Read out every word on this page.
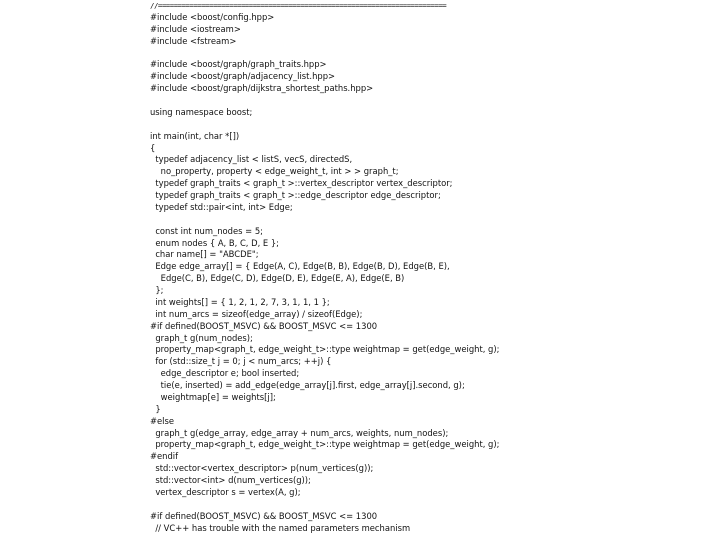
//=========================================================================
#include <boost/config.hpp>
#include <iostream>
#include <fstream>
#include <boost/graph/graph_traits.hpp>
#include <boost/graph/adjacency_list.hpp>
#include <boost/graph/dijkstra_shortest_paths.hpp>
using namespace boost;
int main(int, char *[])
{
typedef adjacency_list < listS, vecS, directedS,
no_property, property < edge_weight_t, int > > graph_t;
typedef graph_traits < graph_t >::vertex_descriptor vertex_descriptor;
typedef graph_traits < graph_t >::edge_descriptor edge_descriptor;
typedef std::pair<int, int> Edge;
const int num_nodes = 5;
enum nodes { A, B, C, D, E };
char name[] = "ABCDE";
Edge edge_array[] = { Edge(A, C), Edge(B, B), Edge(B, D), Edge(B, E),
Edge(C, B), Edge(C, D), Edge(D, E), Edge(E, A), Edge(E, B)
};
int weights[] = { 1, 2, 1, 2, 7, 3, 1, 1, 1 };
int num_arcs = sizeof(edge_array) / sizeof(Edge);
#if defined(BOOST_MSVC) && BOOST_MSVC <= 1300
graph_t g(num_nodes);
property_map<graph_t, edge_weight_t>::type weightmap = get(edge_weight, g);
for (std::size_t j = 0; j < num_arcs; ++j) {
edge_descriptor e; bool inserted;
tie(e, inserted) = add_edge(edge_array[j].first, edge_array[j].second, g);
weightmap[e] = weights[j];
}
#else
graph_t g(edge_array, edge_array + num_arcs, weights, num_nodes);
property_map<graph_t, edge_weight_t>::type weightmap = get(edge_weight, g);
#endif
std::vector<vertex_descriptor> p(num_vertices(g));
std::vector<int> d(num_vertices(g));
vertex_descriptor s = vertex(A, g);
#if defined(BOOST_MSVC) && BOOST_MSVC <= 1300
// VC++ has trouble with the named parameters mechanism
